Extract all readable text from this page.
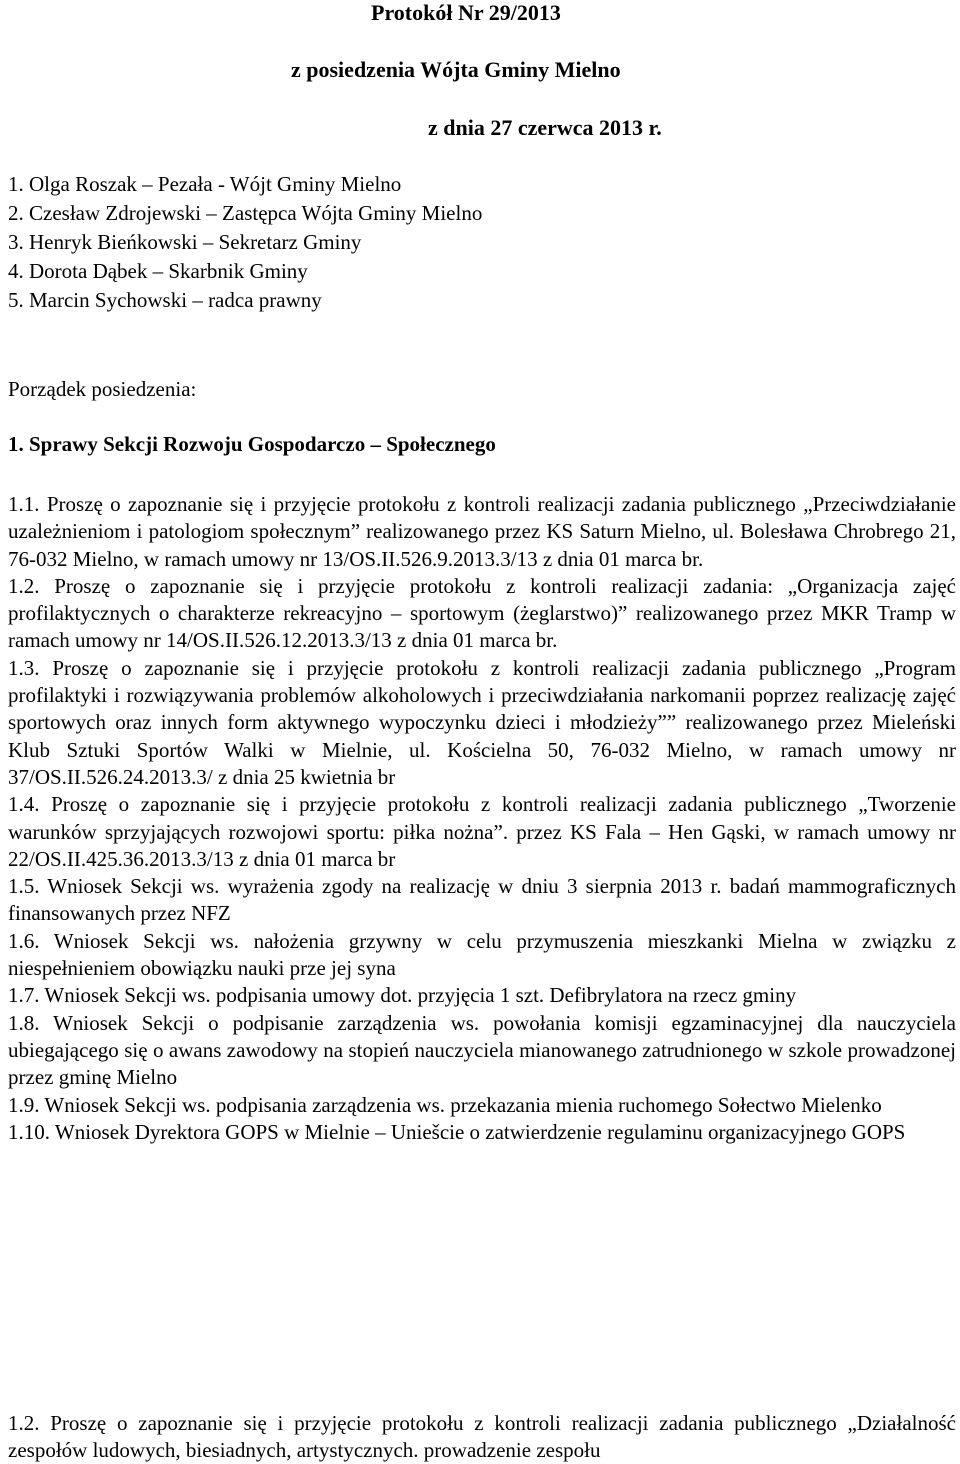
Protokół Nr 29/2013
z posiedzenia Wójta Gminy Mielno
z dnia 27 czerwca 2013 r.
1. Olga Roszak – Pezała - Wójt Gminy Mielno
2. Czesław Zdrojewski – Zastępca Wójta Gminy Mielno
3. Henryk Bieńkowski – Sekretarz Gminy
4. Dorota Dąbek – Skarbnik Gminy
5. Marcin Sychowski – radca prawny
Porządek posiedzenia:
1. Sprawy Sekcji Rozwoju Gospodarczo – Społecznego

1.1. Proszę o zapoznanie się i przyjęcie protokołu z kontroli realizacji zadania publicznego „Przeciwdziałanie uzależnieniom i patologiom społecznym” realizowanego przez KS Saturn Mielno, ul. Bolesława Chrobrego 21, 76-032 Mielno, w ramach umowy nr 13/OS.II.526.9.2013.3/13 z dnia 01 marca br.

1.2. Proszę o zapoznanie się i przyjęcie protokołu z kontroli realizacji zadania: „Organizacja zajęć profilaktycznych o charakterze rekreacyjno – sportowym (żeglarstwo)” realizowanego przez MKR Tramp w ramach umowy nr 14/OS.II.526.12.2013.3/13 z dnia 01 marca br.

1.3. Proszę o zapoznanie się i przyjęcie protokołu z kontroli realizacji zadania publicznego „Program profilaktyki i rozwiązywania problemów alkoholowych i przeciwdziałania narkomanii poprzez realizację zajęć sportowych oraz innych form aktywnego wypoczynku dzieci i młodzieży”” realizowanego przez Mieleński Klub Sztuki Sportów Walki w Mielnie, ul. Kościelna 50, 76-032 Mielno, w ramach umowy nr 37/OS.II.526.24.2013.3/ z dnia 25 kwietnia br

1.4. Proszę o zapoznanie się i przyjęcie protokołu z kontroli realizacji zadania publicznego „Tworzenie warunków sprzyjających rozwojowi sportu: piłka nożna”. przez KS Fala – Hen Gąski, w ramach umowy nr 22/OS.II.425.36.2013.3/13 z dnia 01 marca br

1.5. Wniosek Sekcji ws. wyrażenia zgody na realizację w dniu 3 sierpnia 2013 r. badań mammograficznych finansowanych przez NFZ

1.6. Wniosek Sekcji ws. nałożenia grzywny w celu przymuszenia mieszkanki Mielna w związku z niespełnieniem obowiązku nauki prze jej syna

1.7. Wniosek Sekcji ws. podpisania umowy dot. przyjęcia 1 szt. Defibrylatora na rzecz gminy

1.8. Wniosek Sekcji o podpisanie zarządzenia ws. powołania komisji egzaminacyjnej dla nauczyciela ubiegającego się o awans zawodowy na stopień nauczyciela mianowanego zatrudnionego w szkole prowadzonej przez gminę Mielno

1.9. Wniosek Sekcji ws. podpisania zarządzenia ws. przekazania mienia ruchomego Sołectwo Mielenko

1.10. Wniosek Dyrektora GOPS w Mielnie – Uniešcie o zatwierdzenie regulaminu organizacyjnego GOPS

1.2. Proszę o zapoznanie się i przyjęcie protokołu z kontroli realizacji zadania publicznego „Działalność zespołów ludowych, biesiadnych, artystycznych. prowadzenie zespołu
